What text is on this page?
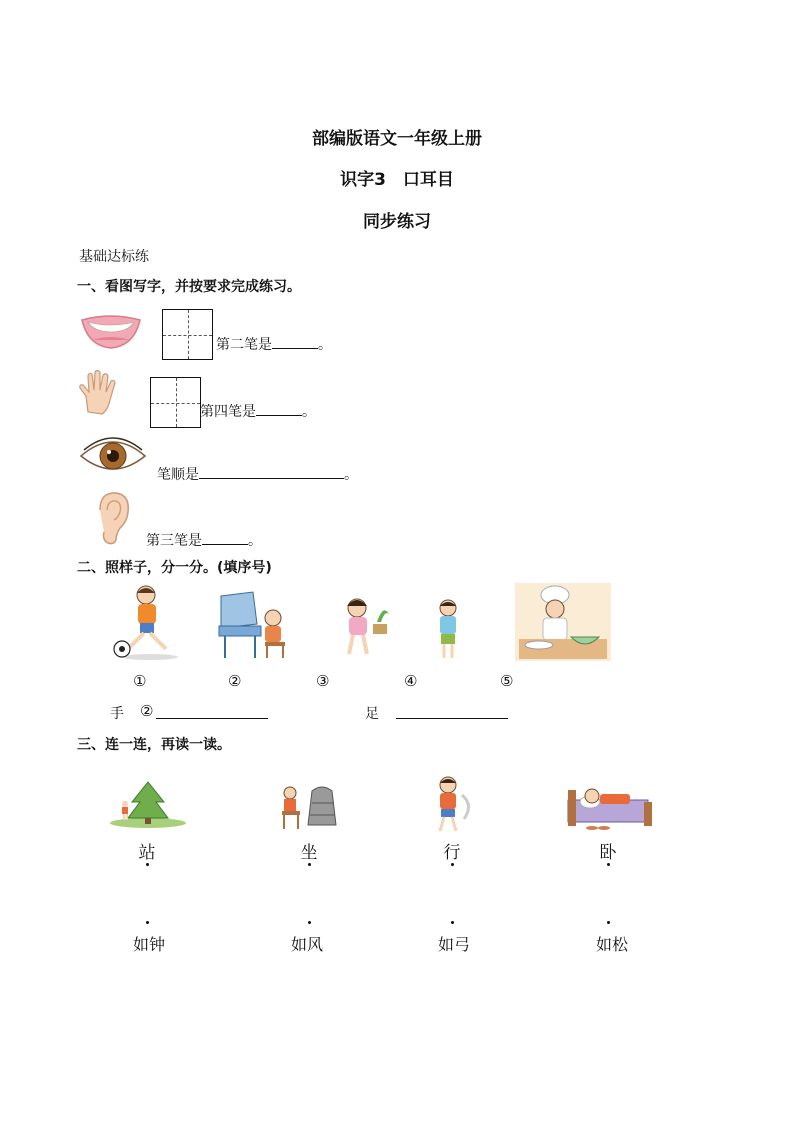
部编版语文一年级上册
识字3　口耳目
同步练习
基础达标练
一、看图写字，并按要求完成练习。
第二笔是	。
第四笔是	。
笔顺是	。
第三笔是	。
二、照样子，分一分。(填序号)
①	②	③	④	⑤
手 ②	足
三、连一连，再读一读。
站	坐	行	卧
如钟	如风	如弓	如松
